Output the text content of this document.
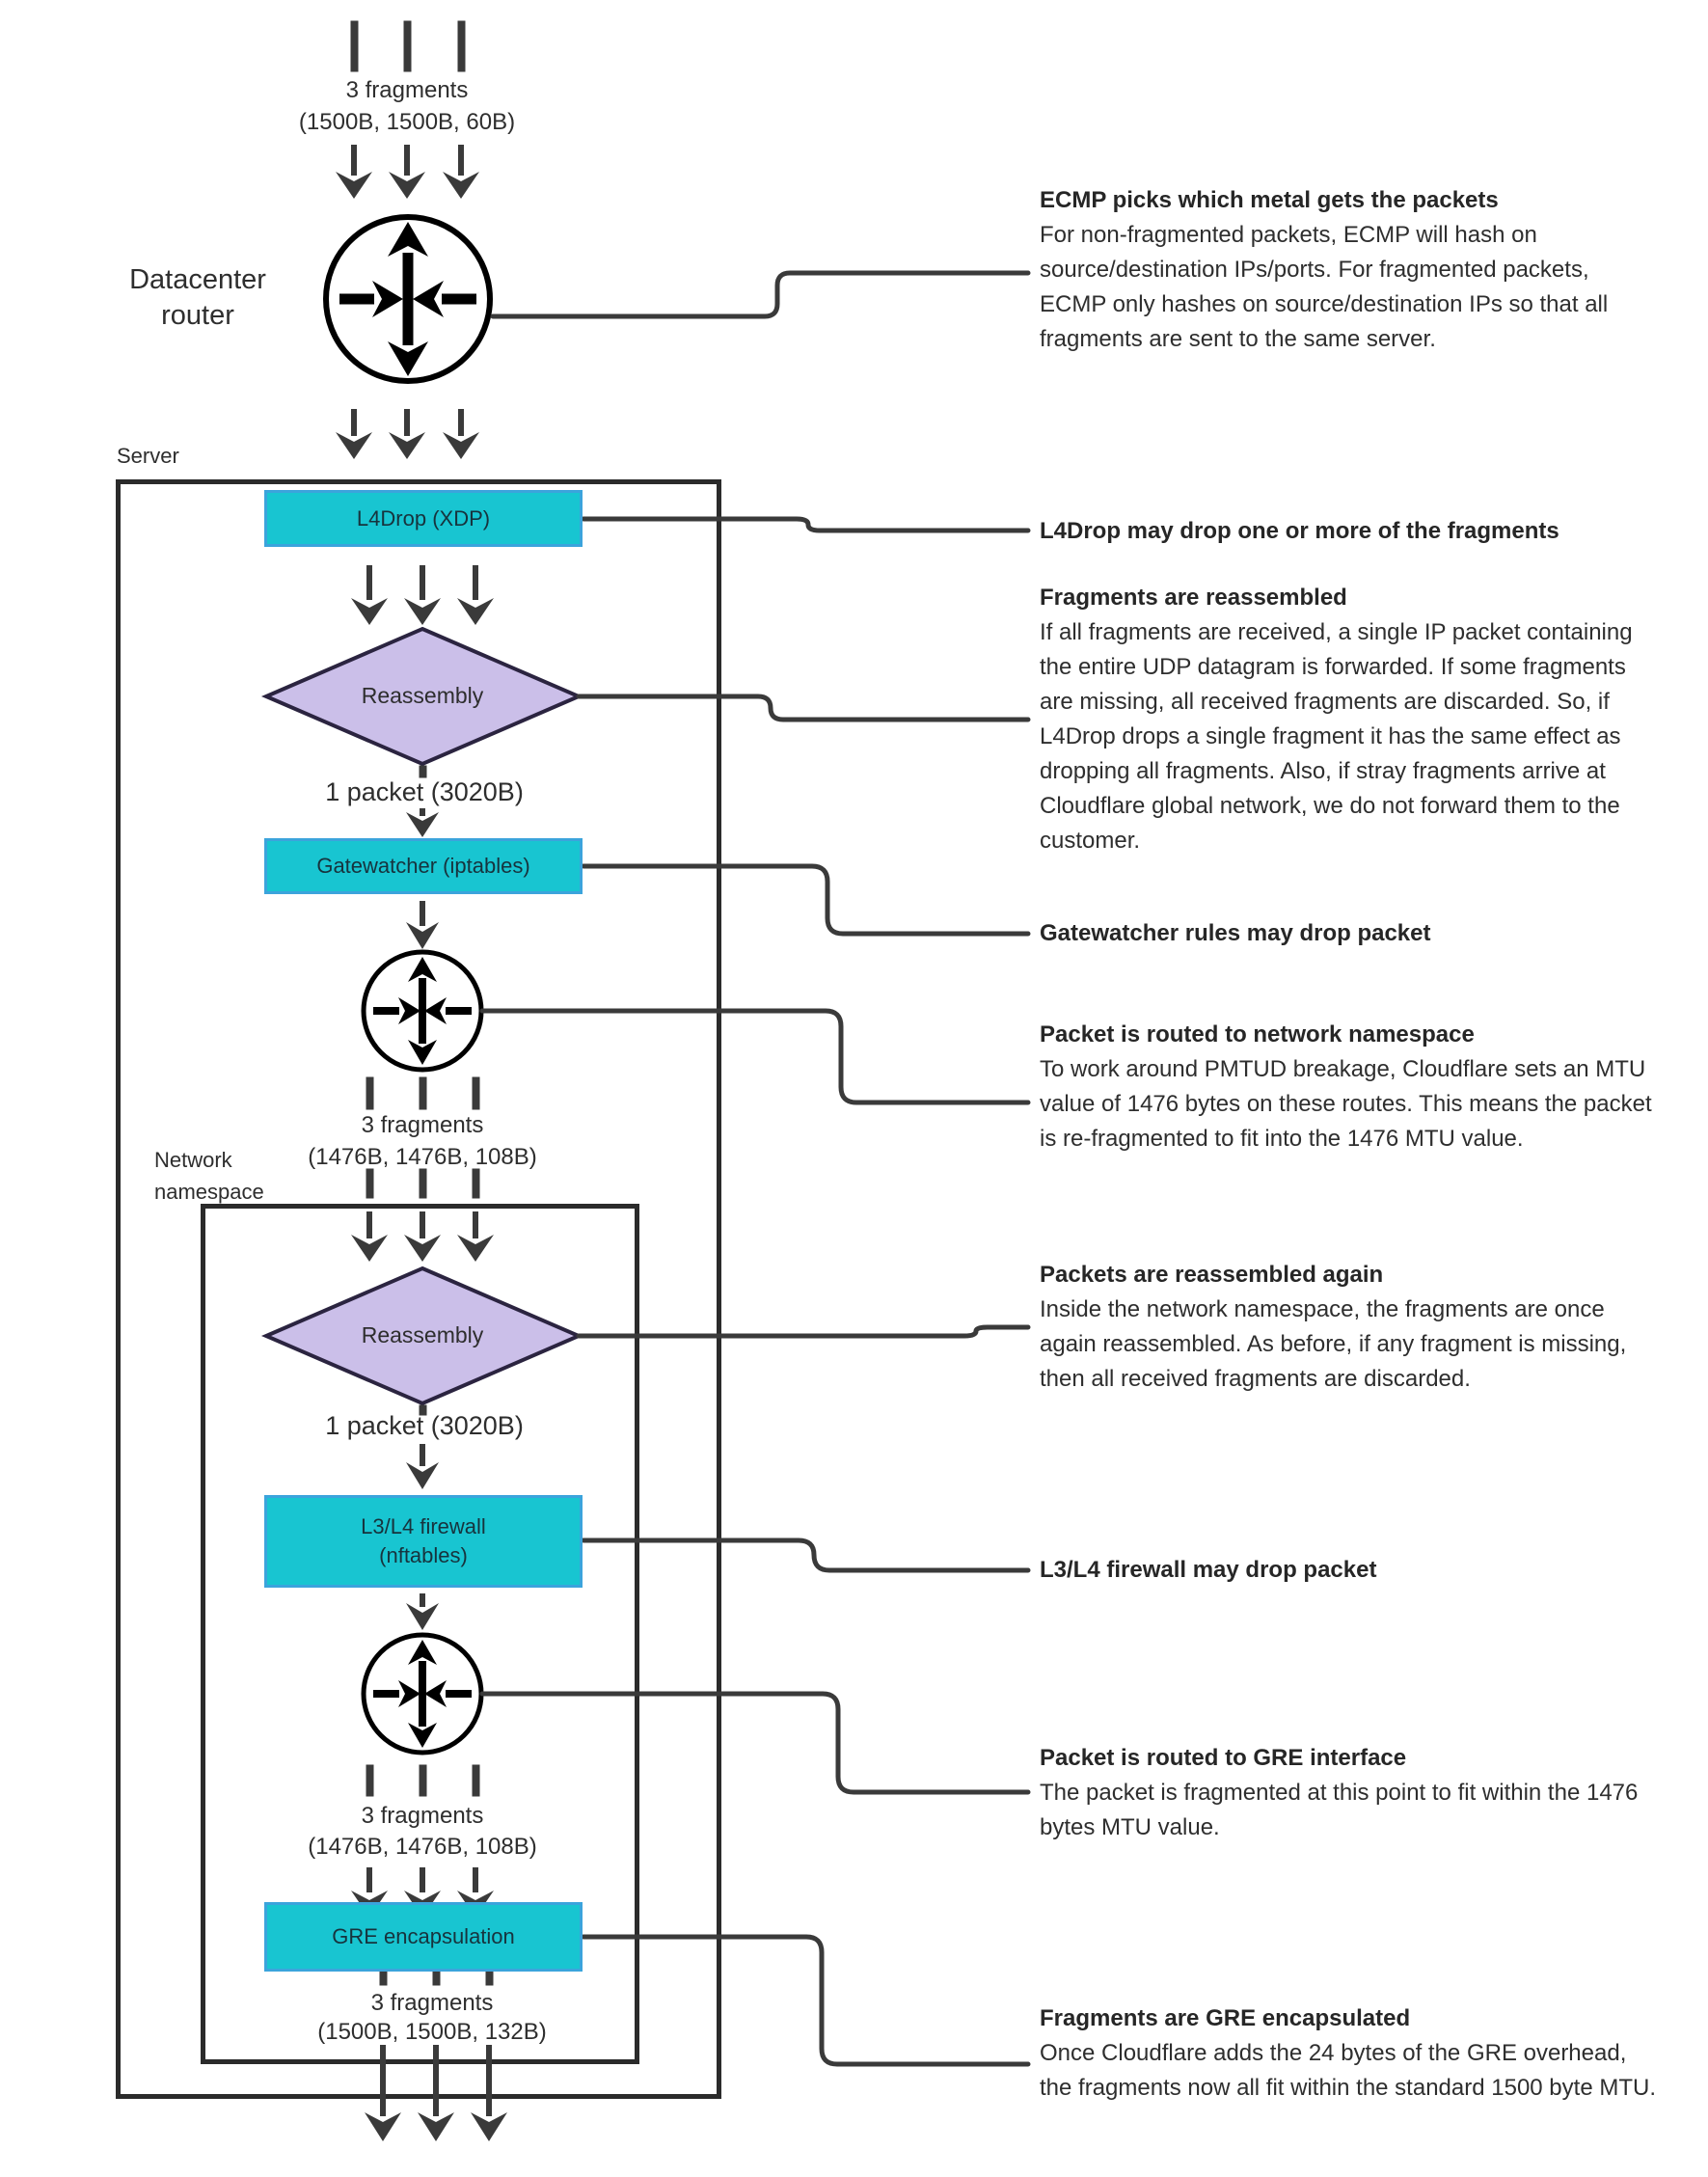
L4Drop (XDP)
Gatewatcher (iptables)
L3/L4 firewall
(nftables)
GRE encapsulation
Reassembly
Reassembly
3 fragments
(1500B, 1500B, 60B)
Datacenter router
Server
1 packet (3020B)
3 fragments
(1476B, 1476B, 108B)
Network namespace
1 packet (3020B)
3 fragments
(1476B, 1476B, 108B)
3 fragments
(1500B, 1500B, 132B)
ECMP picks which metal gets the packets

For non-fragmented packets, ECMP will hash on source/destination IPs/ports. For fragmented packets, ECMP only hashes on source/destination IPs so that all fragments are sent to the same server.

L4Drop may drop one or more of the fragments
Fragments are reassembled

If all fragments are received, a single IP packet containing the entire UDP datagram is forwarded. If some fragments are missing, all received fragments are discarded. So, if L4Drop drops a single fragment it has the same effect as dropping all fragments. Also, if stray fragments arrive at Cloudflare global network, we do not forward them to the customer.

Gatewatcher rules may drop packet
Packet is routed to network namespace

To work around PMTUD breakage, Cloudflare sets an MTU value of 1476 bytes on these routes. This means the packet is re-fragmented to fit into the 1476 MTU value.

Packets are reassembled again

Inside the network namespace, the fragments are once again reassembled. As before, if any fragment is missing, then all received fragments are discarded.

L3/L4 firewall may drop packet
Packet is routed to GRE interface

The packet is fragmented at this point to fit within the 1476 bytes MTU value.

Fragments are GRE encapsulated

Once Cloudflare adds the 24 bytes of the GRE overhead, the fragments now all fit within the standard 1500 byte MTU.
